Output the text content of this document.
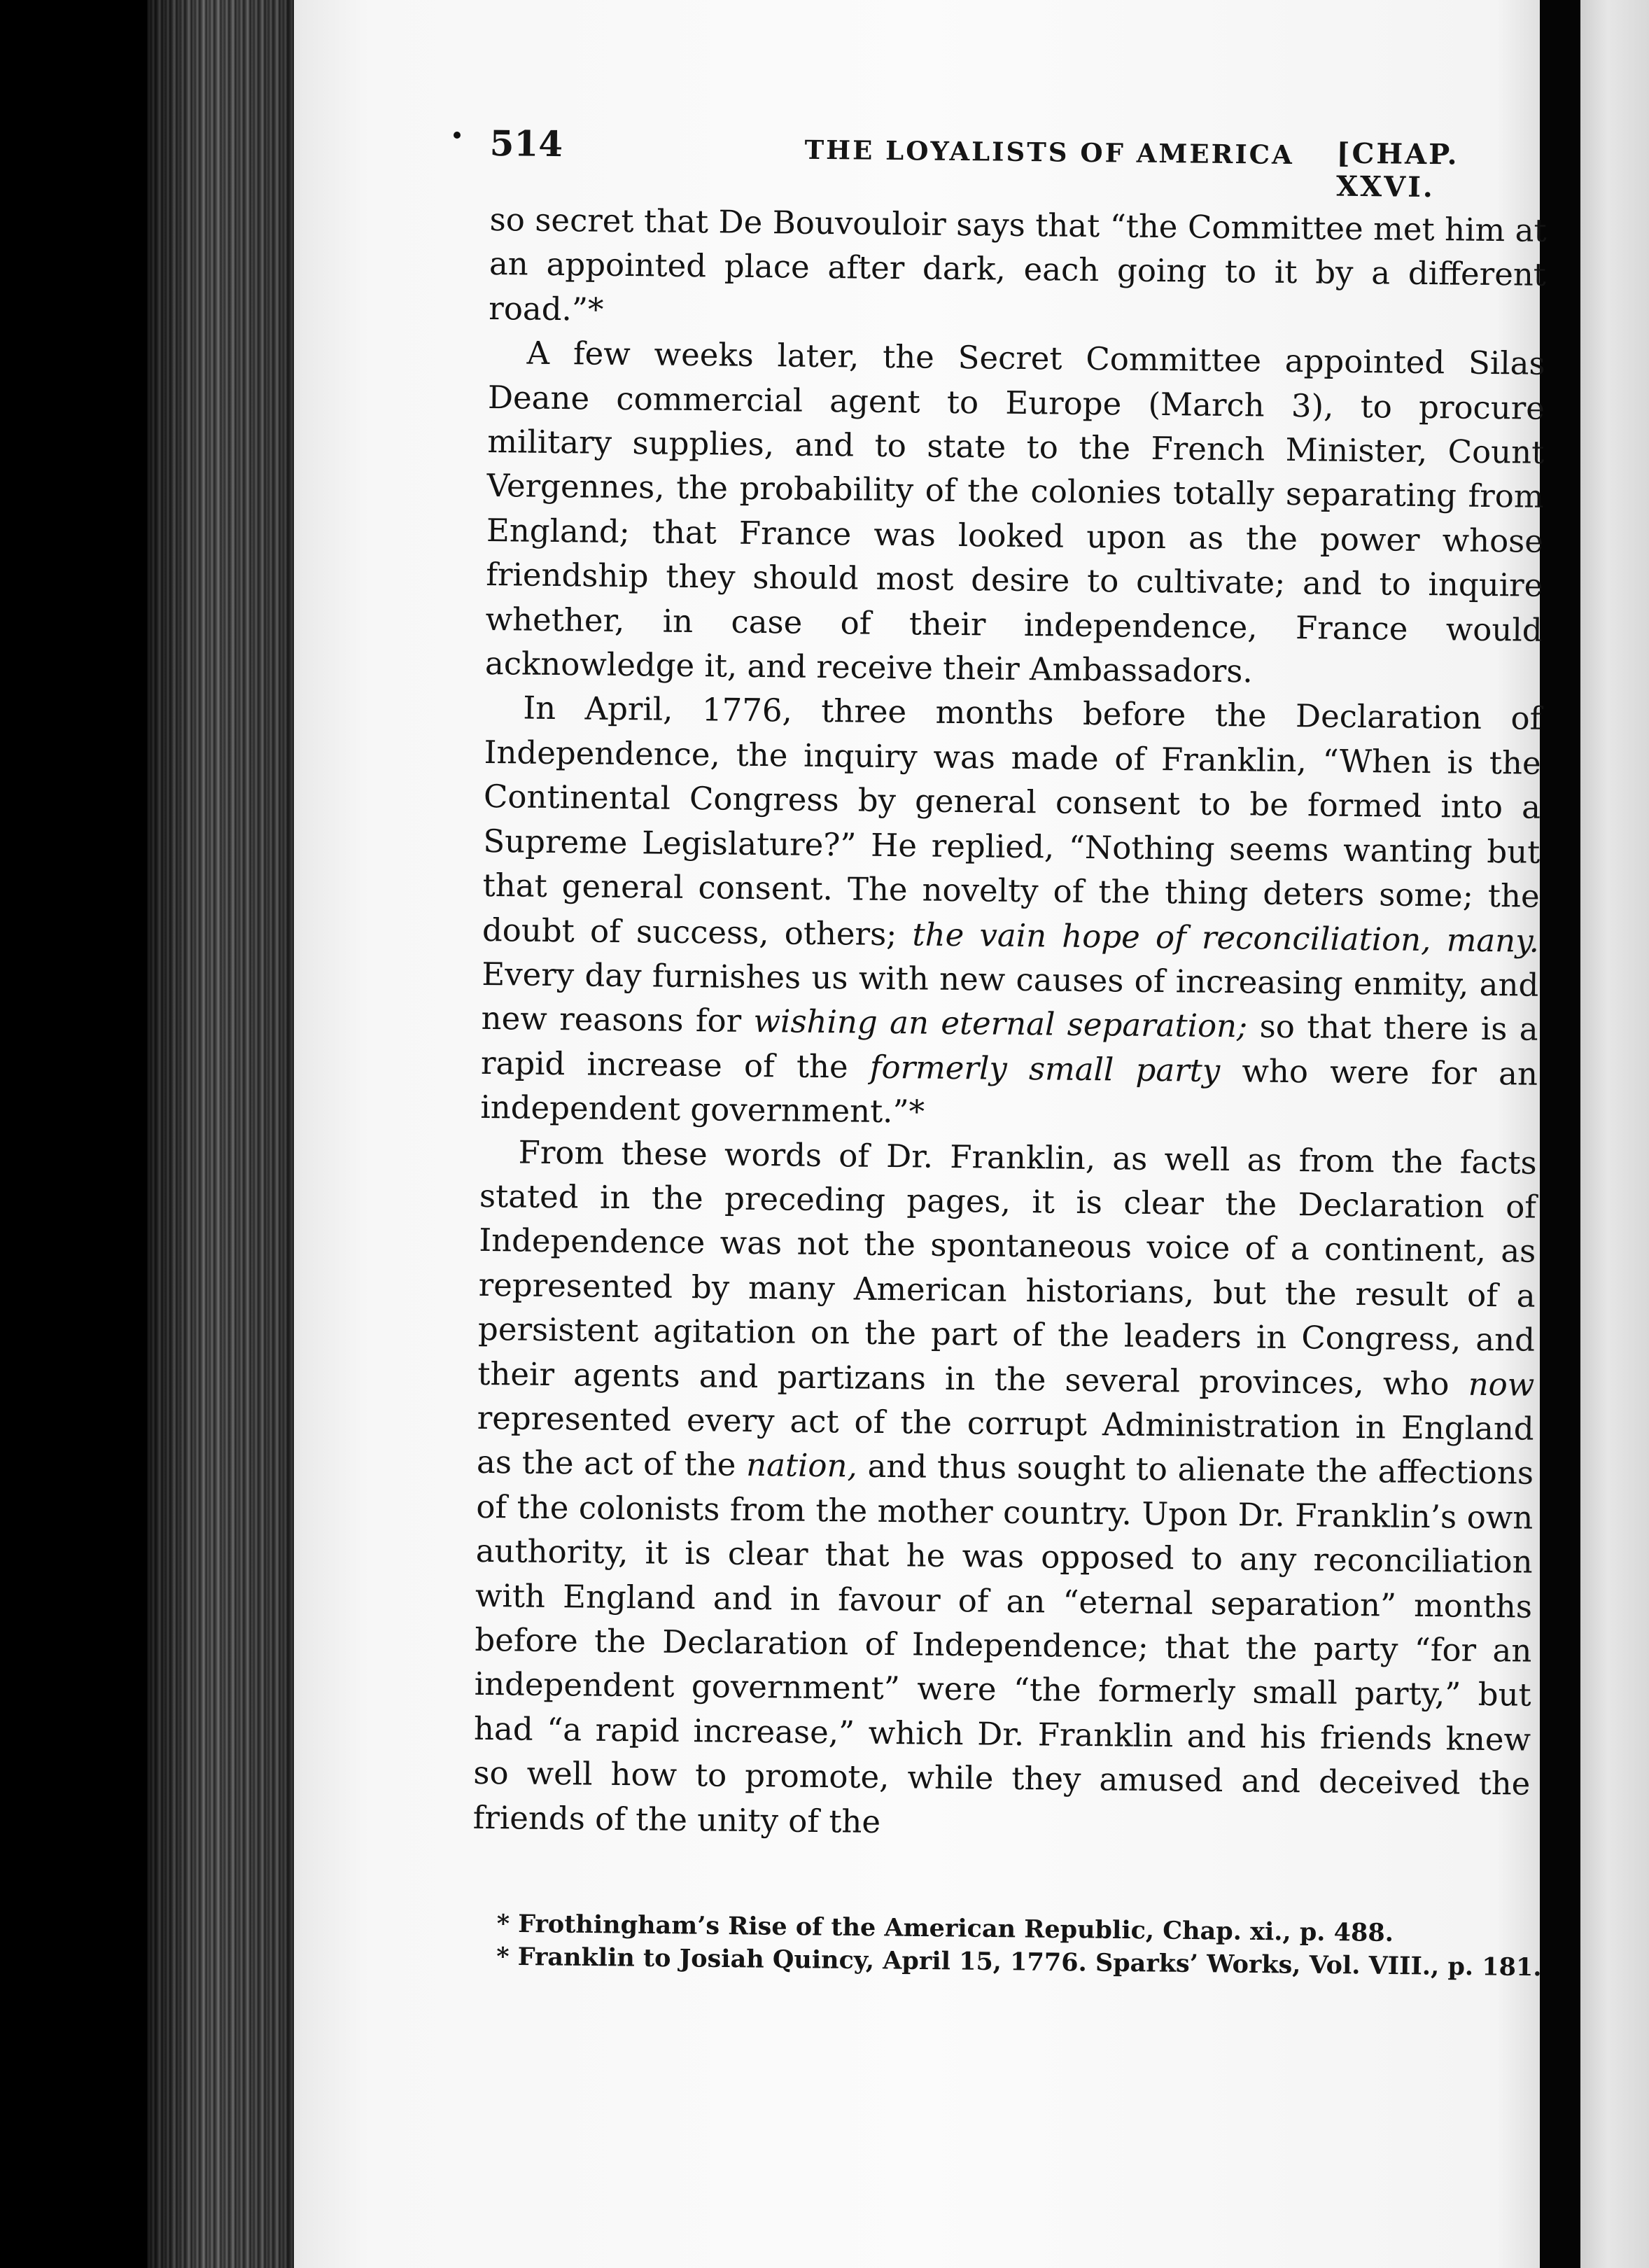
514	THE LOYALISTS OF AMERICA [CHAP. XXVI.

so secret that De Bouvouloir says that “the Committee met him at an appointed place after dark, each going to it by a different road.”*

A few weeks later, the Secret Committee appointed Silas Deane commercial agent to Europe (March 3), to procure military supplies, and to state to the French Minister, Count Vergennes, the probability of the colonies totally separating from England; that France was looked upon as the power whose friendship they should most desire to cultivate; and to inquire whether, in case of their independence, France would acknowledge it, and receive their Ambassadors.

In April, 1776, three months before the Declaration of Independence, the inquiry was made of Franklin, “When is the Continental Congress by general consent to be formed into a Supreme Legislature?” He replied, “Nothing seems wanting but that general consent. The novelty of the thing deters some; the doubt of success, others; the vain hope of reconciliation, many. Every day furnishes us with new causes of increasing enmity, and new reasons for wishing an eternal separation; so that there is a rapid increase of the formerly small party who were for an independent government.”*

From these words of Dr. Franklin, as well as from the facts stated in the preceding pages, it is clear the Declaration of Independence was not the spontaneous voice of a continent, as represented by many American historians, but the result of a persistent agitation on the part of the leaders in Congress, and their agents and partizans in the several provinces, who now represented every act of the corrupt Administration in England as the act of the nation, and thus sought to alienate the affections of the colonists from the mother country. Upon Dr. Franklin’s own authority, it is clear that he was opposed to any reconciliation with England and in favour of an “eternal separation” months before the Declaration of Independence; that the party “for an independent government” were “the formerly small party,” but had “a rapid increase,” which Dr. Franklin and his friends knew so well how to promote, while they amused and deceived the friends of the unity of the

* Frothingham’s Rise of the American Republic, Chap. xi., p. 488.

* Franklin to Josiah Quincy, April 15, 1776. Sparks’ Works, Vol. VIII., p. 181.
